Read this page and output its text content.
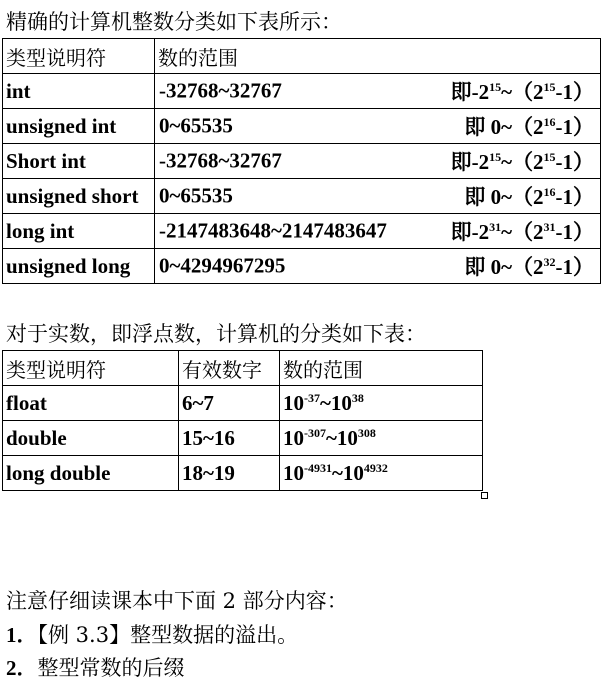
精确的计算机整数分类如下表所示：
类型说明符	数的范围
int	-32768~32767 即$-2^{15}\sim(2^{15}-1)$

unsigned int	0~65535 即 $0\sim(2^{16}-1)$

Short int	-32768~32767 即$-2^{15}\sim(2^{15}-1)$

unsigned short	0~65535 即 $0\sim(2^{16}-1)$

long int	-2147483648~2147483647 即$-2^{31}\sim(2^{31}-1)$

unsigned long	0~4294967295 即 $0\sim(2^{32}-1)$
对于实数，即浮点数，计算机的分类如下表：
类型说明符	有效数字	数的范围
float	6~7	$10^{-37}\sim 10^{38}$
double	15~16	$10^{-307}\sim 10^{308}$
long double	18~19	$10^{-4931}\sim 10^{4932}$
注意仔细读课本中下面 2 部分内容：
1．【例 3.3】整型数据的溢出。
2．整型常数的后缀
